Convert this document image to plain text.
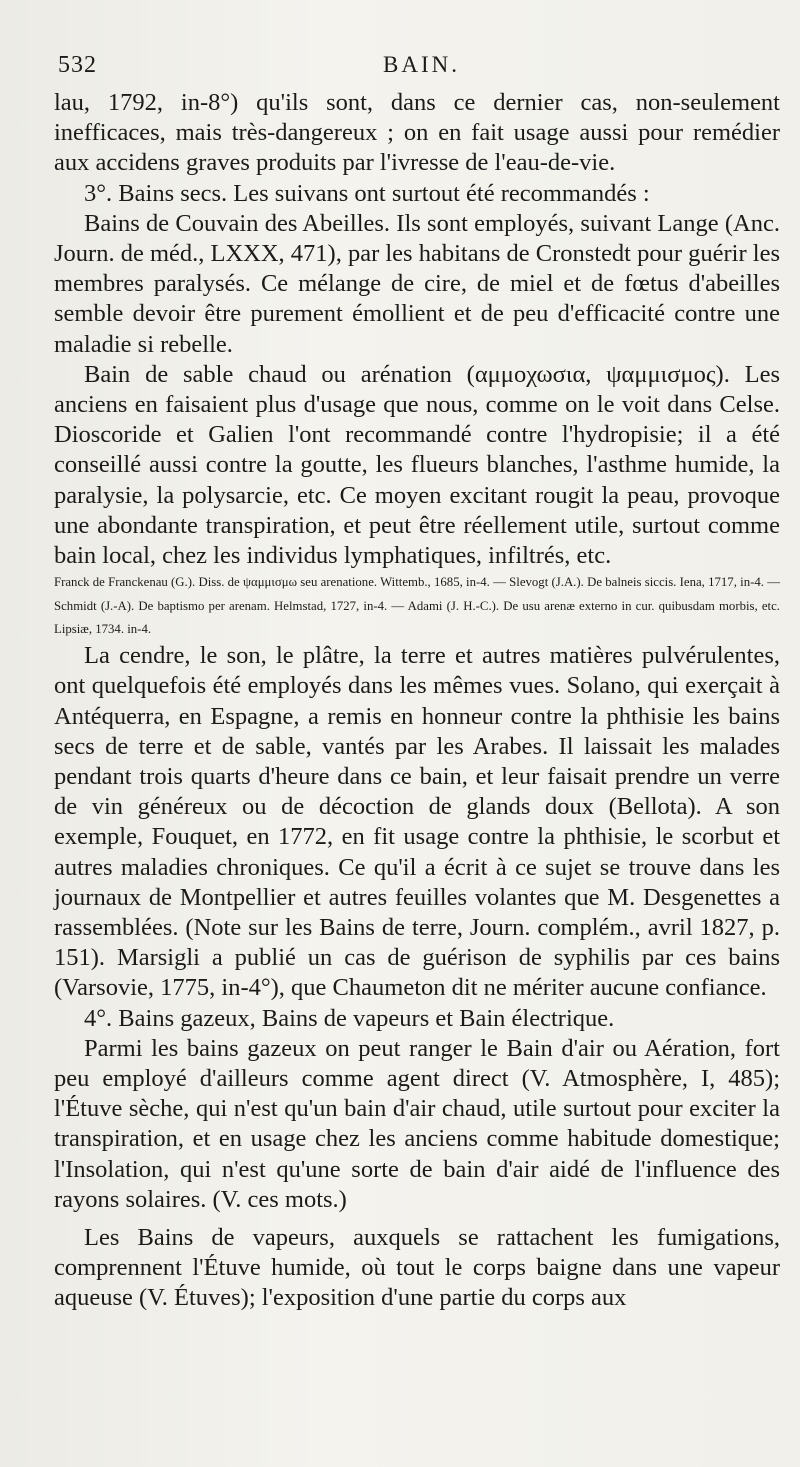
532	BAIN.

lau, 1792, in-8°) qu'ils sont, dans ce dernier cas, non-seulement inefficaces, mais très-dangereux ; on en fait usage aussi pour remédier aux accidens graves produits par l'ivresse de l'eau-de-vie.

3°. Bains secs. Les suivans ont surtout été recommandés :

Bains de Couvain des Abeilles. Ils sont employés, suivant Lange (Anc. Journ. de méd., LXXX, 471), par les habitans de Cronstedt pour guérir les membres paralysés. Ce mélange de cire, de miel et de fœtus d'abeilles semble devoir être purement émollient et de peu d'efficacité contre une maladie si rebelle.

Bain de sable chaud ou arénation (αμμοχωσια, ψαμμισμος). Les anciens en faisaient plus d'usage que nous, comme on le voit dans Celse. Dioscoride et Galien l'ont recommandé contre l'hydropisie; il a été conseillé aussi contre la goutte, les flueurs blanches, l'asthme humide, la paralysie, la polysarcie, etc. Ce moyen excitant rougit la peau, provoque une abondante transpiration, et peut être réellement utile, surtout comme bain local, chez les individus lymphatiques, infiltrés, etc.

Franck de Franckenau (G.). Diss. de ψαμμισμω seu arenatione. Wittemb., 1685, in-4. — Slevogt (J.A.). De balneis siccis. Iena, 1717, in-4. — Schmidt (J.-A). De baptismo per arenam. Helmstad, 1727, in-4. — Adami (J. H.-C.). De usu arenæ externo in cur. quibusdam morbis, etc. Lipsiæ, 1734. in-4.

La cendre, le son, le plâtre, la terre et autres matières pulvérulentes, ont quelquefois été employés dans les mêmes vues. Solano, qui exerçait à Antéquerra, en Espagne, a remis en honneur contre la phthisie les bains secs de terre et de sable, vantés par les Arabes. Il laissait les malades pendant trois quarts d'heure dans ce bain, et leur faisait prendre un verre de vin généreux ou de décoction de glands doux (Bellota). A son exemple, Fouquet, en 1772, en fit usage contre la phthisie, le scorbut et autres maladies chroniques. Ce qu'il a écrit à ce sujet se trouve dans les journaux de Montpellier et autres feuilles volantes que M. Desgenettes a rassemblées. (Note sur les Bains de terre, Journ. complém., avril 1827, p. 151). Marsigli a publié un cas de guérison de syphilis par ces bains (Varsovie, 1775, in-4°), que Chaumeton dit ne mériter aucune confiance.

4°. Bains gazeux, Bains de vapeurs et Bain électrique.

Parmi les bains gazeux on peut ranger le Bain d'air ou Aération, fort peu employé d'ailleurs comme agent direct (V. Atmosphère, I, 485); l'Étuve sèche, qui n'est qu'un bain d'air chaud, utile surtout pour exciter la transpiration, et en usage chez les anciens comme habitude domestique; l'Insolation, qui n'est qu'une sorte de bain d'air aidé de l'influence des rayons solaires. (V. ces mots.)

Les Bains de vapeurs, auxquels se rattachent les fumigations, comprennent l'Étuve humide, où tout le corps baigne dans une vapeur aqueuse (V. Étuves); l'exposition d'une partie du corps aux
